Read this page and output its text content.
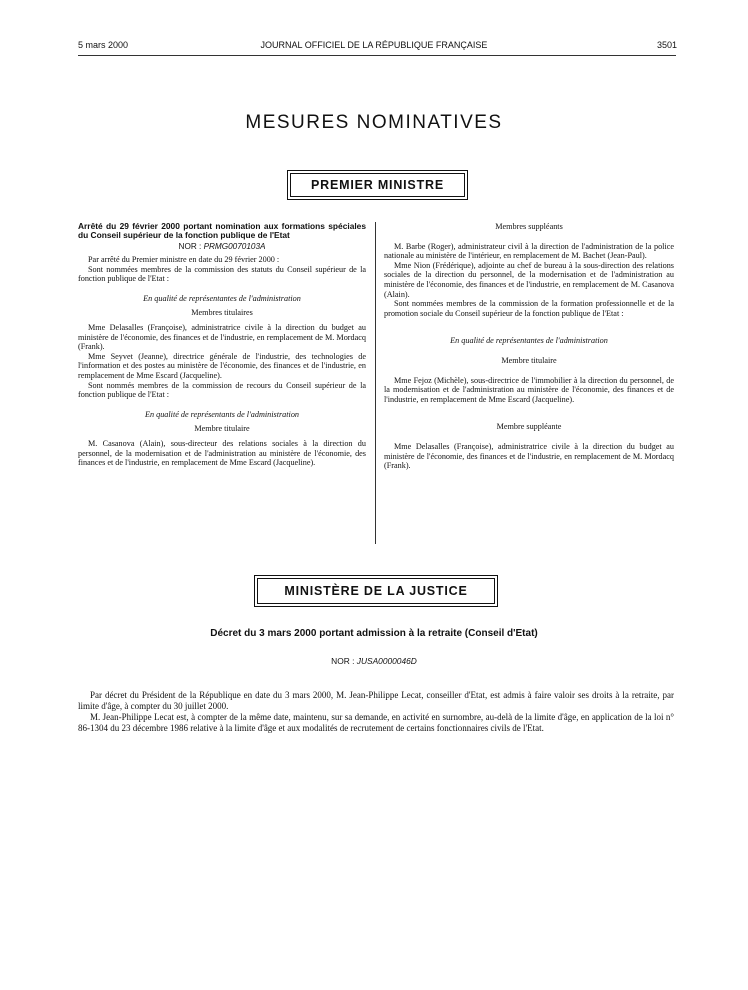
5 mars 2000	JOURNAL OFFICIEL DE LA RÉPUBLIQUE FRANÇAISE	3501
MESURES NOMINATIVES
PREMIER MINISTRE
Arrêté du 29 février 2000 portant nomination aux formations spéciales du Conseil supérieur de la fonction publique de l'Etat
NOR : PRMG0070103A

Par arrêté du Premier ministre en date du 29 février 2000 :

Sont nommées membres de la commission des statuts du Conseil supérieur de la fonction publique de l'Etat :

En qualité de représentantes de l'administration

Membres titulaires

Mme Delasalles (Françoise), administratrice civile à la direction du budget au ministère de l'économie, des finances et de l'industrie, en remplacement de M. Mordacq (Frank).

Mme Seyvet (Jeanne), directrice générale de l'industrie, des technologies de l'information et des postes au ministère de l'économie, des finances et de l'industrie, en remplacement de Mme Escard (Jacqueline).

Sont nommés membres de la commission de recours du Conseil supérieur de la fonction publique de l'Etat :

En qualité de représentants de l'administration

Membre titulaire

M. Casanova (Alain), sous-directeur des relations sociales à la direction du personnel, de la modernisation et de l'administration au ministère de l'économie, des finances et de l'industrie, en remplacement de Mme Escard (Jacqueline).

Membres suppléants

M. Barbe (Roger), administrateur civil à la direction de l'administration de la police nationale au ministère de l'intérieur, en remplacement de M. Bachet (Jean-Paul).

Mme Nion (Frédérique), adjointe au chef de bureau à la sous-direction des relations sociales de la direction du personnel, de la modernisation et de l'administration au ministère de l'économie, des finances et de l'industrie, en remplacement de M. Casanova (Alain).

Sont nommées membres de la commission de la formation professionnelle et de la promotion sociale du Conseil supérieur de la fonction publique de l'Etat :

En qualité de représentantes de l'administration

Membre titulaire

Mme Fejoz (Michèle), sous-directrice de l'immobilier à la direction du personnel, de la modernisation et de l'administration au ministère de l'économie, des finances et de l'industrie, en remplacement de Mme Escard (Jacqueline).

Membre suppléante

Mme Delasalles (Françoise), administratrice civile à la direction du budget au ministère de l'économie, des finances et de l'industrie, en remplacement de M. Mordacq (Frank).

MINISTÈRE DE LA JUSTICE
Décret du 3 mars 2000 portant admission à la retraite (Conseil d'Etat)
NOR : JUSA0000046D

Par décret du Président de la République en date du 3 mars 2000, M. Jean-Philippe Lecat, conseiller d'Etat, est admis à faire valoir ses droits à la retraite, par limite d'âge, à compter du 30 juillet 2000.

M. Jean-Philippe Lecat est, à compter de la même date, maintenu, sur sa demande, en activité en surnombre, au-delà de la limite d'âge, en application de la loi n° 86-1304 du 23 décembre 1986 relative à la limite d'âge et aux modalités de recrutement de certains fonctionnaires civils de l'Etat.
